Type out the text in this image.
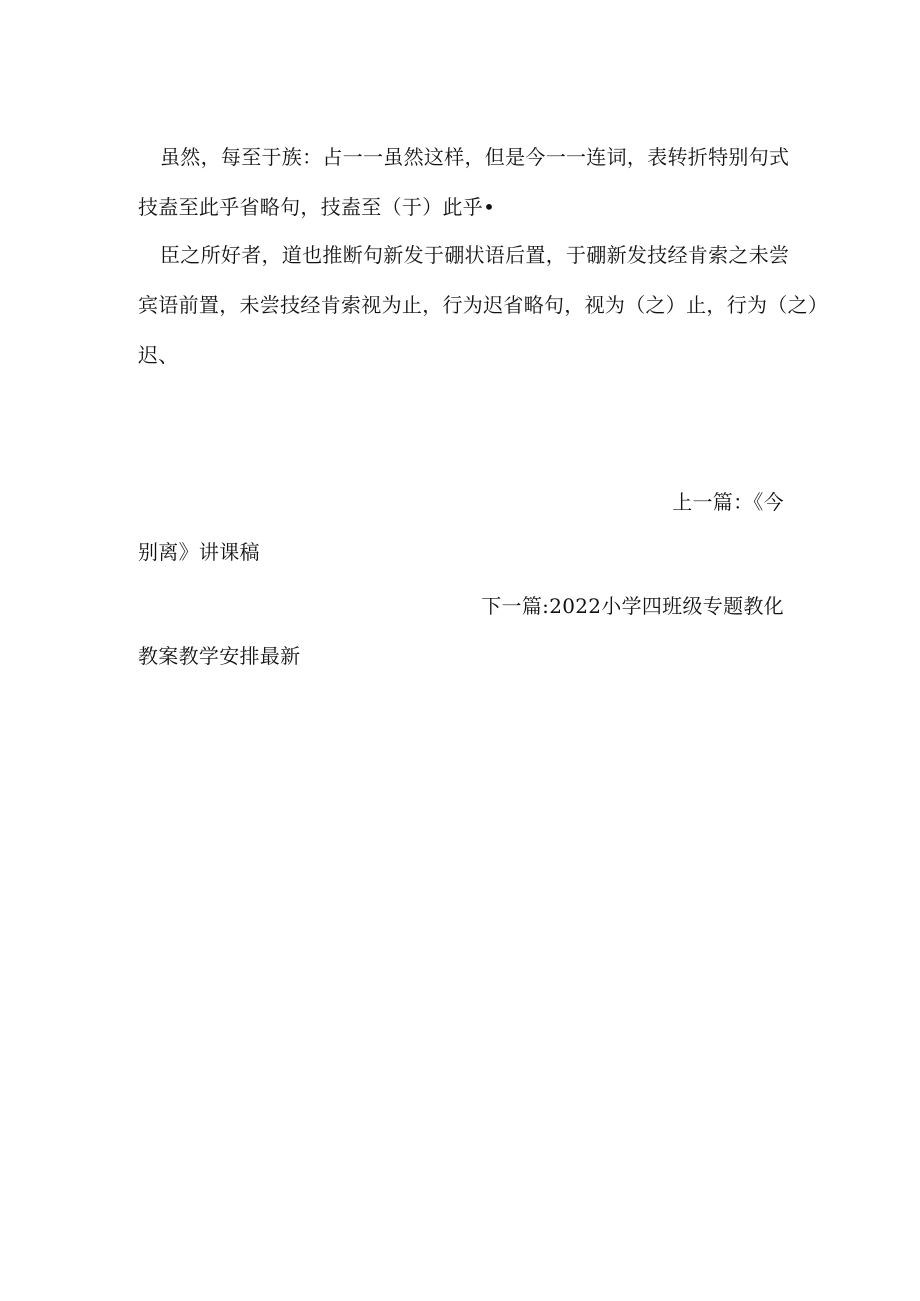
虽然，每至于族：占一一虽然这样，但是今一一连词，表转折特别句式
技盍至此乎省略句，技盍至（于）此乎•
臣之所好者，道也推断句新发于硼状语后置，于硼新发技经肯索之未尝
宾语前置，未尝技经肯索视为止，行为迟省略句，视为（之）止，行为（之）
迟、
上一篇：《今
别离》讲课稿
下一篇:2022小学四班级专题教化
教案教学安排最新
